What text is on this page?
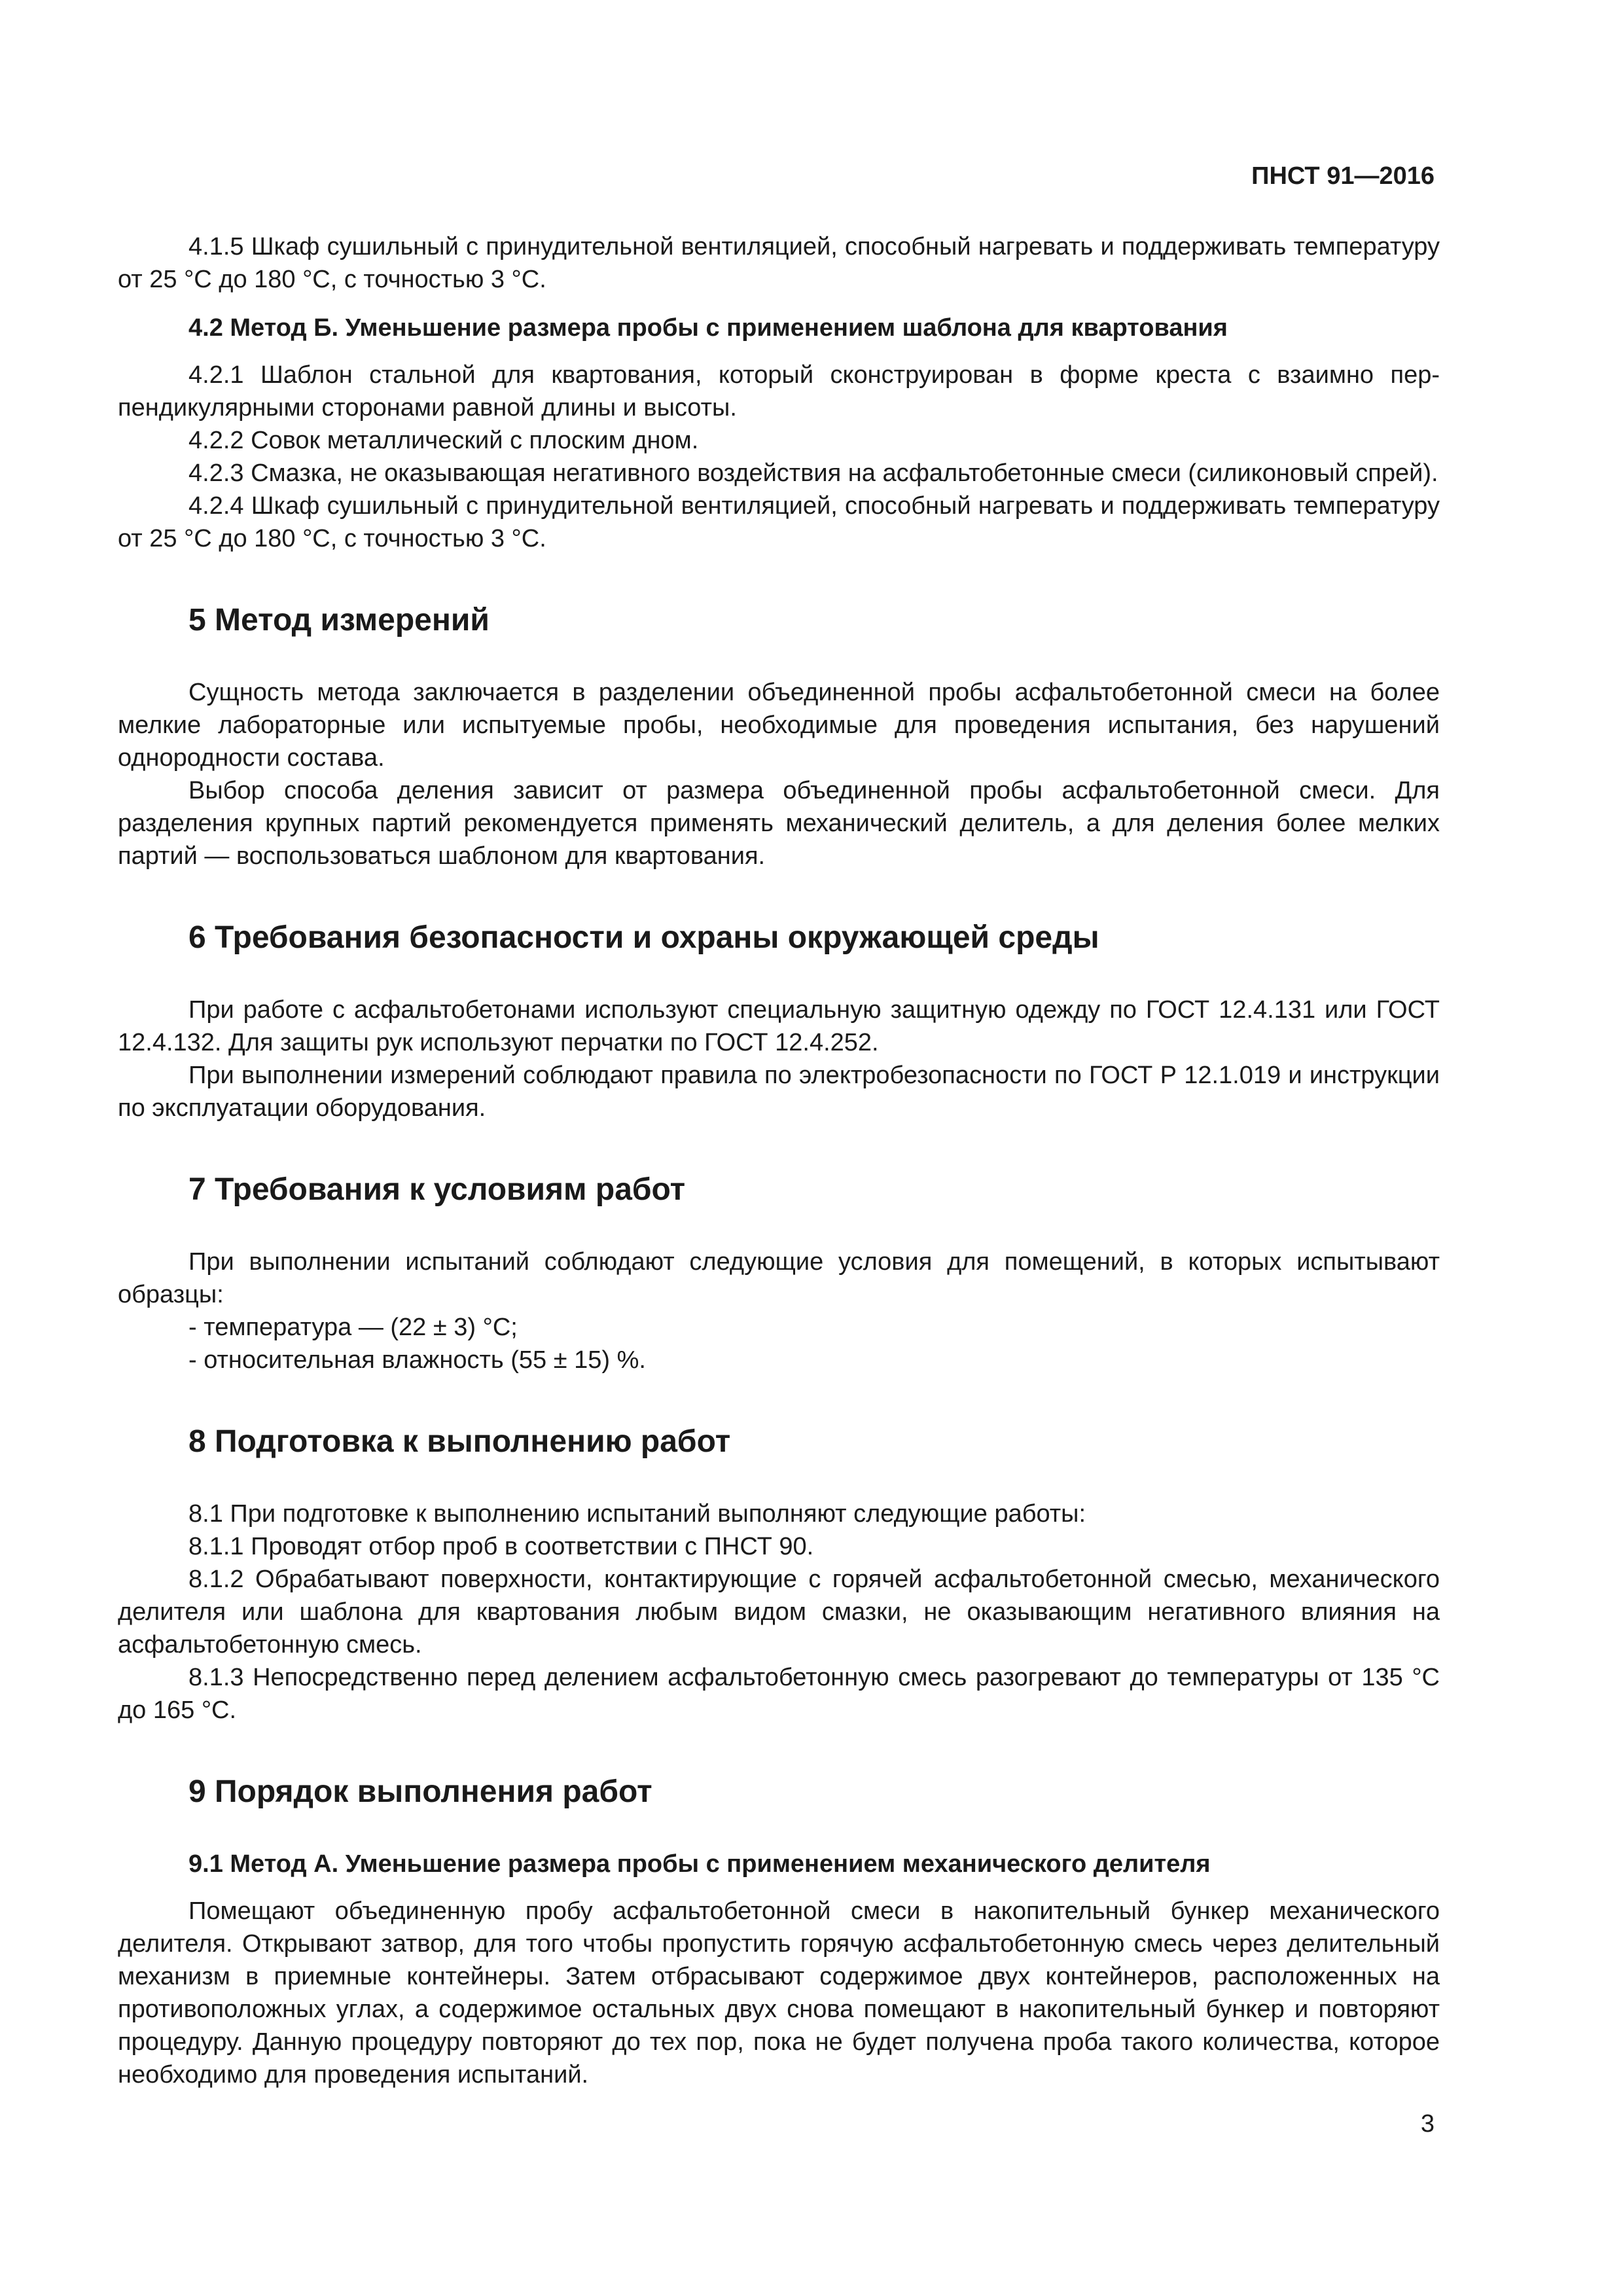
ПНСТ 91—2016

4.1.5 Шкаф сушильный с принудительной вентиляцией, способный нагревать и поддерживать температуру от 25 °C до 180 °C, с точностью 3 °C.

4.2 Метод Б. Уменьшение размера пробы с применением шаблона для квартования

4.2.1 Шаблон стальной для квартования, который сконструирован в форме креста с взаимно перпендикулярными сторонами равной длины и высоты.

4.2.2 Совок металлический с плоским дном.

4.2.3 Смазка, не оказывающая негативного воздействия на асфальтобетонные смеси (силиконовый спрей).

4.2.4 Шкаф сушильный с принудительной вентиляцией, способный нагревать и поддерживать температуру от 25 °C до 180 °C, с точностью 3 °C.

5 Метод измерений

Сущность метода заключается в разделении объединенной пробы асфальтобетонной смеси на более мелкие лабораторные или испытуемые пробы, необходимые для проведения испытания, без нарушений однородности состава.

Выбор способа деления зависит от размера объединенной пробы асфальтобетонной смеси. Для разделения крупных партий рекомендуется применять механический делитель, а для деления более мелких партий — воспользоваться шаблоном для квартования.

6 Требования безопасности и охраны окружающей среды

При работе с асфальтобетонами используют специальную защитную одежду по ГОСТ 12.4.131 или ГОСТ 12.4.132. Для защиты рук используют перчатки по ГОСТ 12.4.252.

При выполнении измерений соблюдают правила по электробезопасности по ГОСТ Р 12.1.019 и инструкции по эксплуатации оборудования.

7 Требования к условиям работ

При выполнении испытаний соблюдают следующие условия для помещений, в которых испытывают образцы:

- температура — (22 ± 3) °C;
- относительная влажность (55 ± 15) %.
8 Подготовка к выполнению работ

8.1 При подготовке к выполнению испытаний выполняют следующие работы:

8.1.1 Проводят отбор проб в соответствии с ПНСТ 90.

8.1.2 Обрабатывают поверхности, контактирующие с горячей асфальтобетонной смесью, механического делителя или шаблона для квартования любым видом смазки, не оказывающим негативного влияния на асфальтобетонную смесь.

8.1.3 Непосредственно перед делением асфальтобетонную смесь разогревают до температуры от 135 °C до 165 °C.

9 Порядок выполнения работ
9.1 Метод А. Уменьшение размера пробы с применением механического делителя

Помещают объединенную пробу асфальтобетонной смеси в накопительный бункер механического делителя. Открывают затвор, для того чтобы пропустить горячую асфальтобетонную смесь через делительный механизм в приемные контейнеры. Затем отбрасывают содержимое двух контейнеров, расположенных на противоположных углах, а содержимое остальных двух снова помещают в накопительный бункер и повторяют процедуру. Данную процедуру повторяют до тех пор, пока не будет получена проба такого количества, которое необходимо для проведения испытаний.

3
